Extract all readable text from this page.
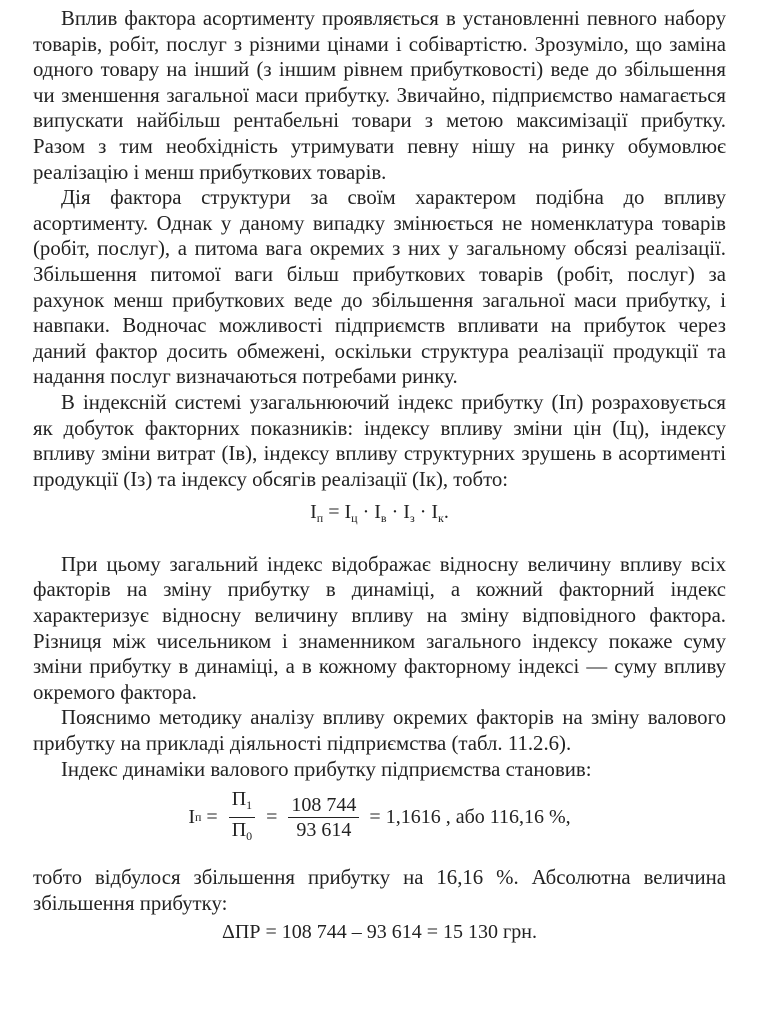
Вплив фактора асортименту проявляється в установленні певного набору товарів, робіт, послуг з різними цінами і собівартістю. Зрозуміло, що заміна одного товару на інший (з іншим рівнем прибутковості) веде до збільшення чи зменшення загальної маси прибутку. Звичайно, підприємство намагається випускати найбільш рентабельні товари з метою максимізації прибутку. Разом з тим необхідність утримувати певну нішу на ринку обумовлює реалізацію і менш прибуткових товарів.

Дія фактора структури за своїм характером подібна до впливу асортименту. Однак у даному випадку змінюється не номенклатура товарів (робіт, послуг), а питома вага окремих з них у загальному обсязі реалізації. Збільшення питомої ваги більш прибуткових товарів (робіт, послуг) за рахунок менш прибуткових веде до збільшення загальної маси прибутку, і навпаки. Водночас можливості підприємств впливати на прибуток через даний фактор досить обмежені, оскільки структура реалізації продукції та надання послуг визначаються потребами ринку.

В індексній системі узагальнюючий індекс прибутку (Iп) розраховується як добуток факторних показників: індексу впливу зміни цін (Iц), індексу впливу зміни витрат (Iв), індексу впливу структурних зрушень в асортименті продукції (Iз) та індексу обсягів реалізації (Iк), тобто:

$I_п = I_ц \cdot I_в \cdot I_з \cdot I_к$.

При цьому загальний індекс відображає відносну величину впливу всіх факторів на зміну прибутку в динаміці, а кожний факторний індекс характеризує відносну величину впливу на зміну відповідного фактора. Різниця між чисельником і знаменником загального індексу покаже суму зміни прибутку в динаміці, а в кожному факторному індексі — суму впливу окремого фактора.

Пояснимо методику аналізу впливу окремих факторів на зміну валового прибутку на прикладі діяльності підприємства (табл. 11.2.6).

Індекс динаміки валового прибутку підприємства становив:

I $п = \frac{П_1}{П_0} = \frac{108 744}{93 614} = 1,1616$ , або 116,16 %,

тобто відбулося збільшення прибутку на 16,16 %. Абсолютна величина збільшення прибутку:

ΔПР = 108 744 – 93 614 = 15 130 грн.
